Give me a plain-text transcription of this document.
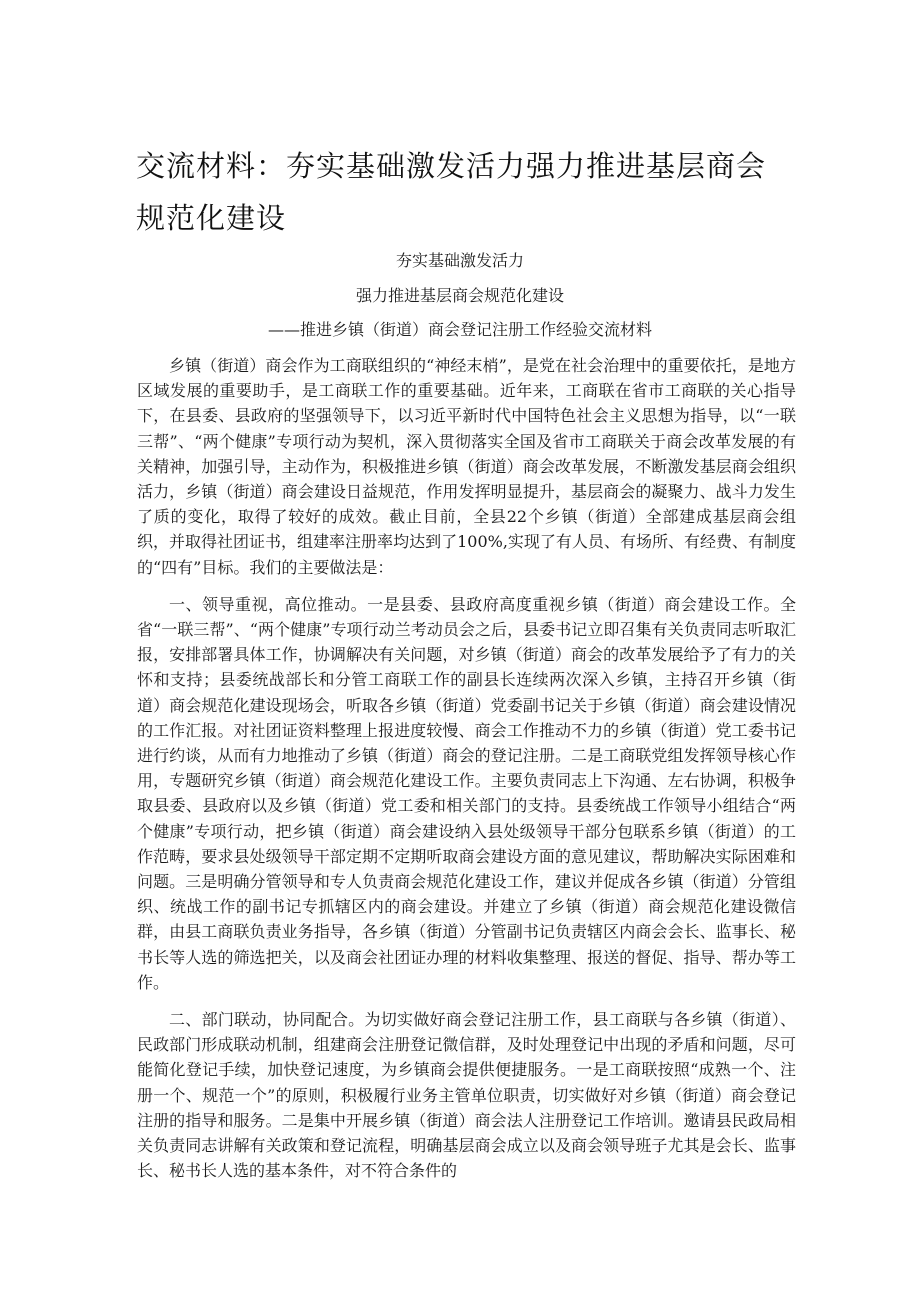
交流材料：夯实基础激发活力强力推进基层商会规范化建设

夯实基础激发活力

强力推进基层商会规范化建设

——推进乡镇（街道）商会登记注册工作经验交流材料

乡镇（街道）商会作为工商联组织的“神经末梢”，是党在社会治理中的重要依托，是地方区域发展的重要助手，是工商联工作的重要基础。近年来，工商联在省市工商联的关心指导下，在县委、县政府的坚强领导下，以习近平新时代中国特色社会主义思想为指导，以“一联三帮”、“两个健康”专项行动为契机，深入贯彻落实全国及省市工商联关于商会改革发展的有关精神，加强引导，主动作为，积极推进乡镇（街道）商会改革发展，不断激发基层商会组织活力，乡镇（街道）商会建设日益规范，作用发挥明显提升，基层商会的凝聚力、战斗力发生了质的变化，取得了较好的成效。截止目前，全县22个乡镇（街道）全部建成基层商会组织，并取得社团证书，组建率注册率均达到了100%,实现了有人员、有场所、有经费、有制度的“四有”目标。我们的主要做法是：

一、领导重视，高位推动。一是县委、县政府高度重视乡镇（街道）商会建设工作。全省“一联三帮”、“两个健康”专项行动兰考动员会之后，县委书记立即召集有关负责同志听取汇报，安排部署具体工作，协调解决有关问题，对乡镇（街道）商会的改革发展给予了有力的关怀和支持；县委统战部长和分管工商联工作的副县长连续两次深入乡镇，主持召开乡镇（街道）商会规范化建设现场会，听取各乡镇（街道）党委副书记关于乡镇（街道）商会建设情况的工作汇报。对社团证资料整理上报进度较慢、商会工作推动不力的乡镇（街道）党工委书记进行约谈，从而有力地推动了乡镇（街道）商会的登记注册。二是工商联党组发挥领导核心作用，专题研究乡镇（街道）商会规范化建设工作。主要负责同志上下沟通、左右协调，积极争取县委、县政府以及乡镇（街道）党工委和相关部门的支持。县委统战工作领导小组结合“两个健康”专项行动，把乡镇（街道）商会建设纳入县处级领导干部分包联系乡镇（街道）的工作范畴，要求县处级领导干部定期不定期听取商会建设方面的意见建议，帮助解决实际困难和问题。三是明确分管领导和专人负责商会规范化建设工作，建议并促成各乡镇（街道）分管组织、统战工作的副书记专抓辖区内的商会建设。并建立了乡镇（街道）商会规范化建设微信群，由县工商联负责业务指导，各乡镇（街道）分管副书记负责辖区内商会会长、监事长、秘书长等人选的筛选把关，以及商会社团证办理的材料收集整理、报送的督促、指导、帮办等工作。

二、部门联动，协同配合。为切实做好商会登记注册工作，县工商联与各乡镇（街道）、民政部门形成联动机制，组建商会注册登记微信群，及时处理登记中出现的矛盾和问题，尽可能简化登记手续，加快登记速度，为乡镇商会提供便捷服务。一是工商联按照“成熟一个、注册一个、规范一个”的原则，积极履行业务主管单位职责，切实做好对乡镇（街道）商会登记注册的指导和服务。二是集中开展乡镇（街道）商会法人注册登记工作培训。邀请县民政局相关负责同志讲解有关政策和登记流程，明确基层商会成立以及商会领导班子尤其是会长、监事长、秘书长人选的基本条件，对不符合条件的
